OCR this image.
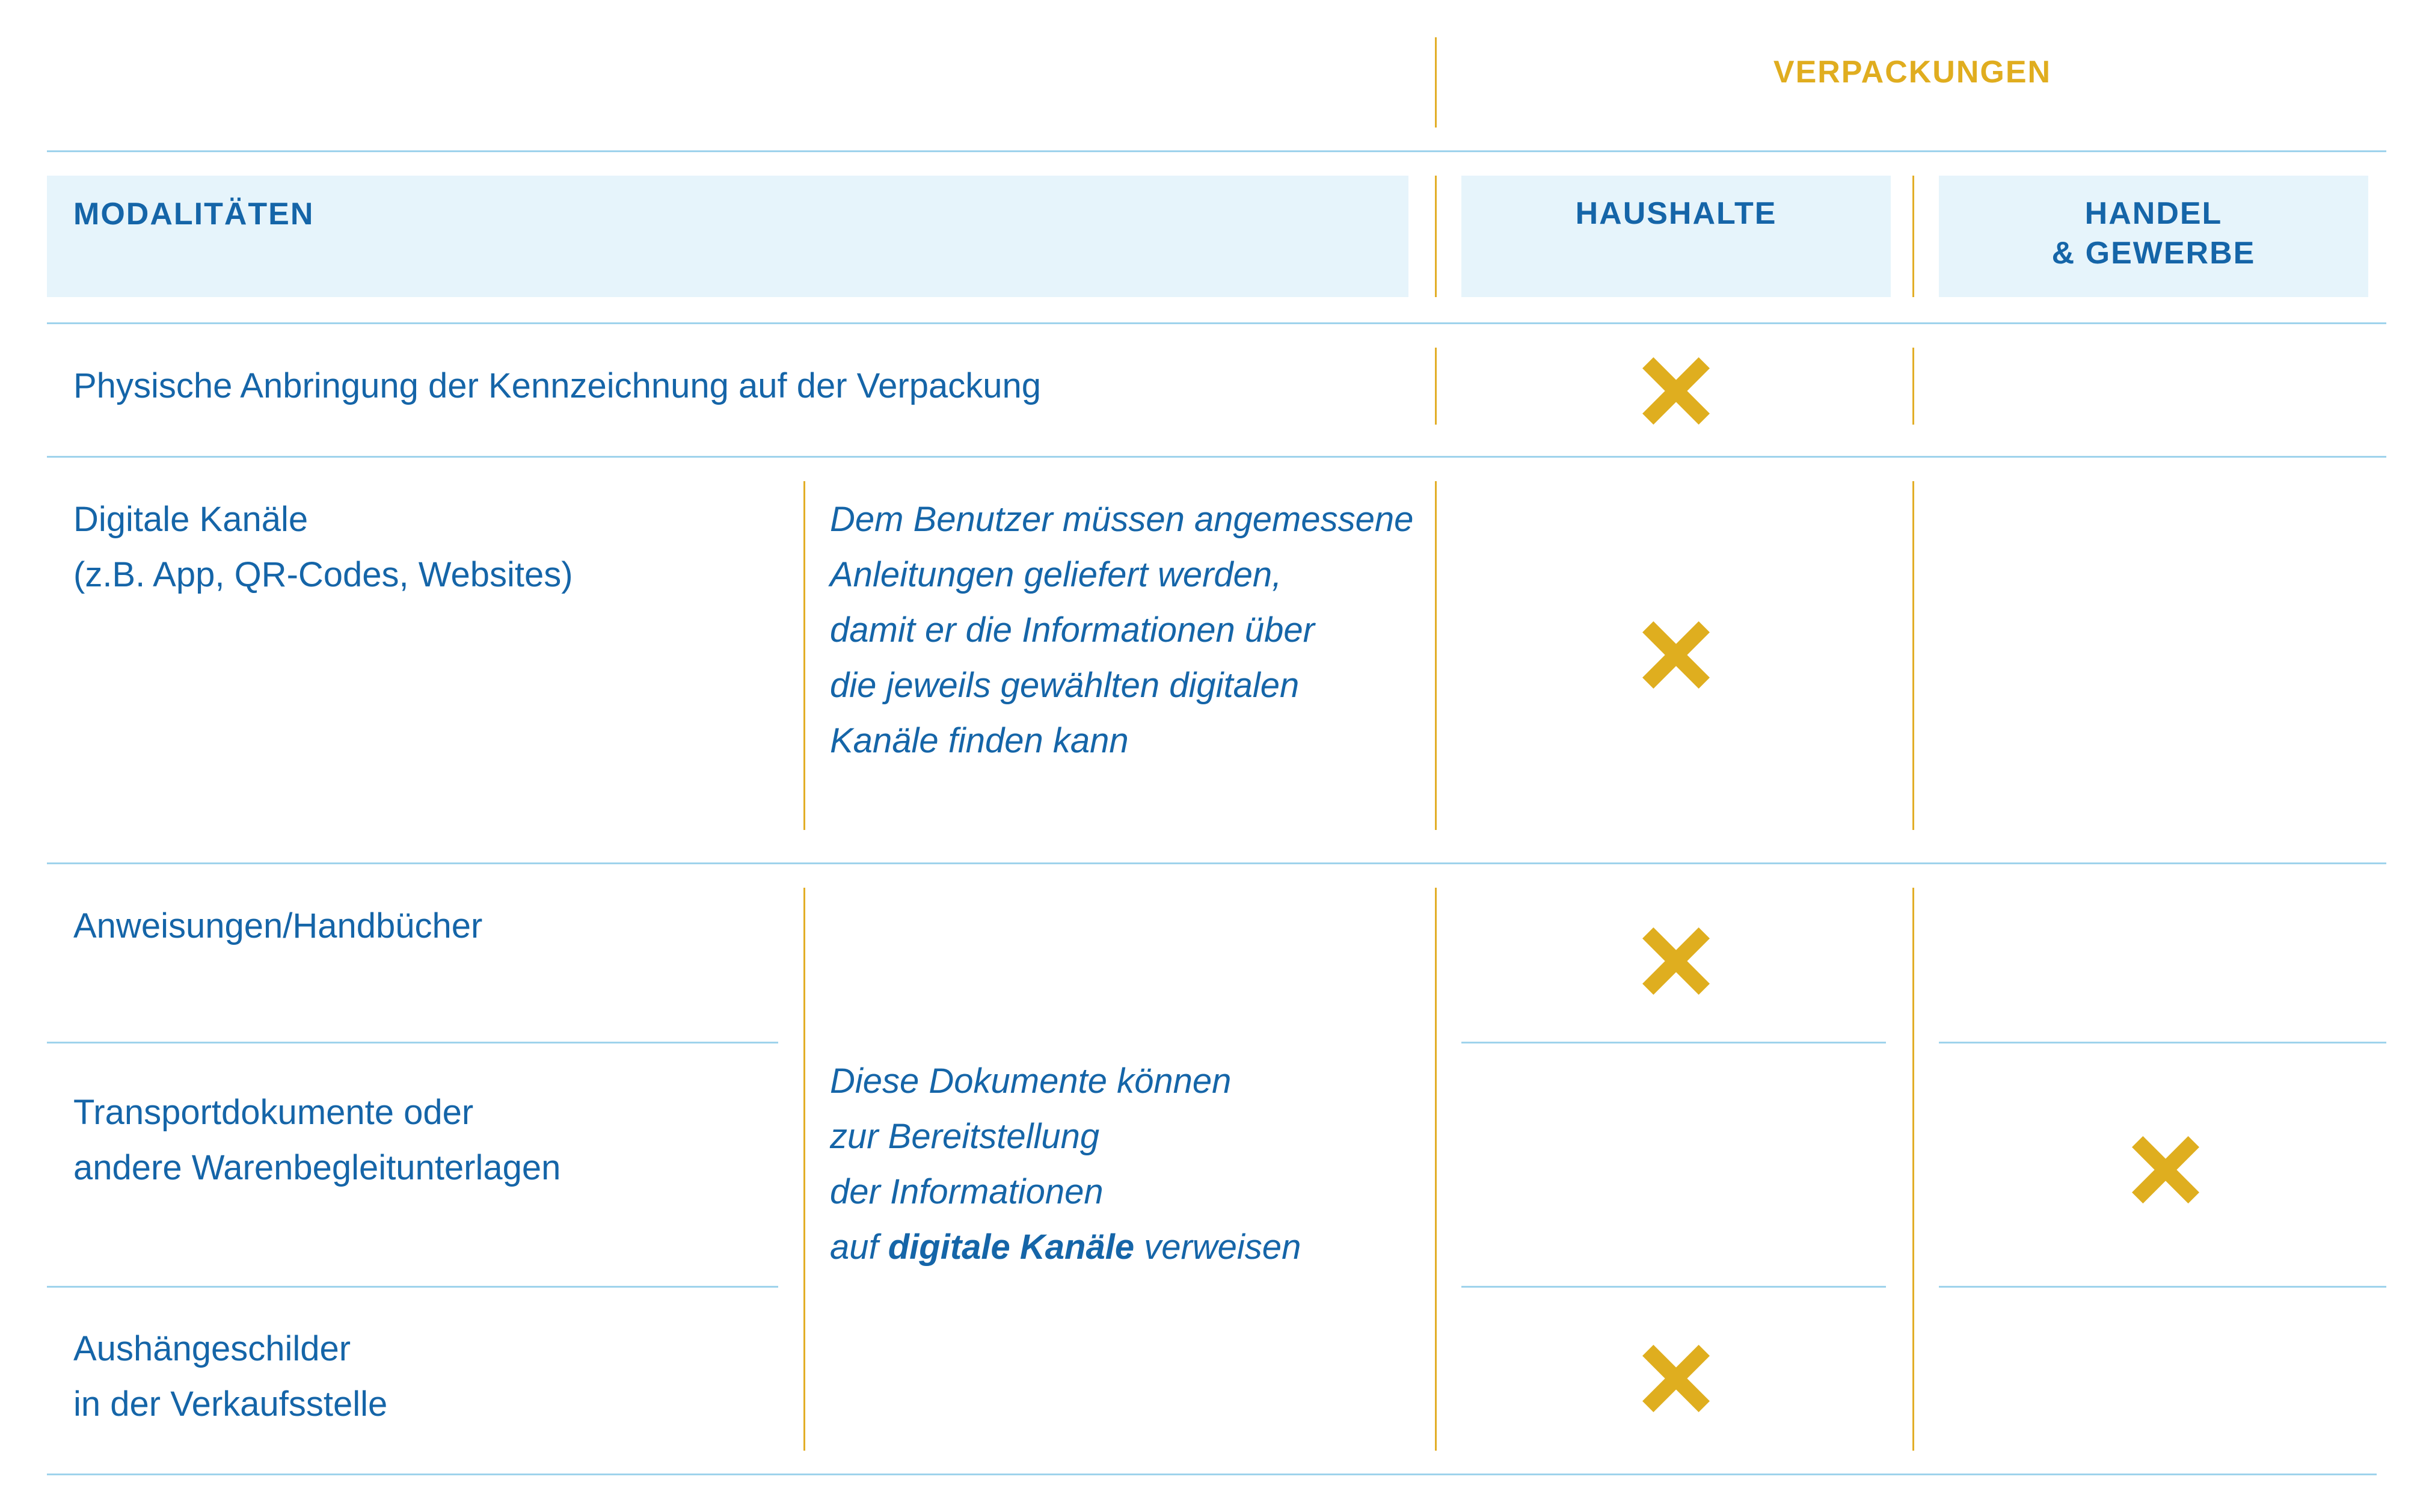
VERPACKUNGEN
MODALITÄTEN	HAUSHALTE	HANDEL
& GEWERBE
Physische Anbringung der Kennzeichnung auf der Verpackung
Digitale Kanäle
(z.B. App, QR-Codes, Websites)
Dem Benutzer müssen angemessene
Anleitungen geliefert werden,
damit er die Informationen über
die jeweils gewählten digitalen
Kanäle finden kann
Anweisungen/Handbücher
Transportdokumente oder
andere Warenbegleitunterlagen
Aushängeschilder
in der Verkaufsstelle
Diese Dokumente können
zur Bereitstellung
der Informationen
auf digitale Kanäle verweisen
